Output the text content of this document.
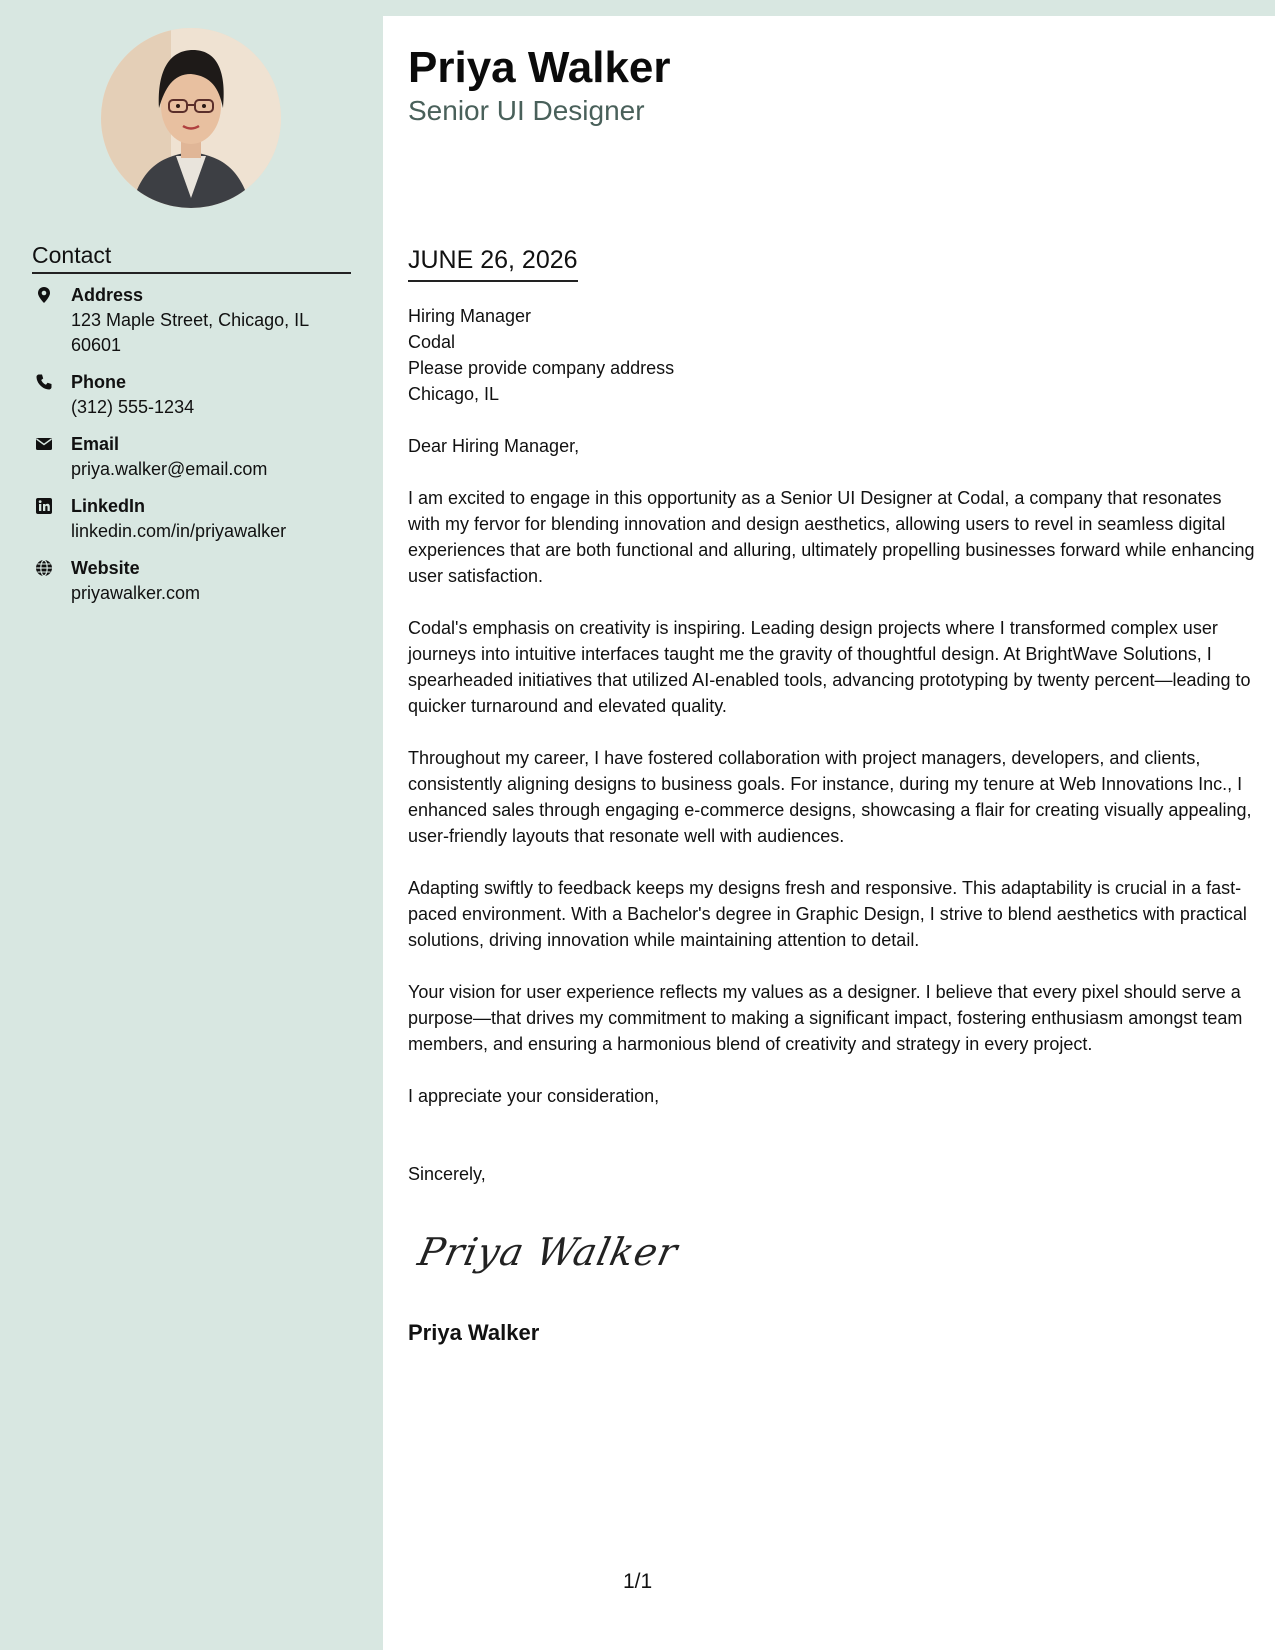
Contact
Address
123 Maple Street, Chicago, IL 60601
Phone
(312) 555-1234
Email
priya.walker@email.com
LinkedIn
linkedin.com/in/priyawalker
Website
priyawalker.com
Priya Walker
Senior UI Designer
JUNE 26, 2026
Hiring Manager
Codal
Please provide company address
Chicago, IL
Dear Hiring Manager,
I am excited to engage in this opportunity as a Senior UI Designer at Codal, a company that resonates with my fervor for blending innovation and design aesthetics, allowing users to revel in seamless digital experiences that are both functional and alluring, ultimately propelling businesses forward while enhancing user satisfaction.
Codal's emphasis on creativity is inspiring. Leading design projects where I transformed complex user journeys into intuitive interfaces taught me the gravity of thoughtful design. At BrightWave Solutions, I spearheaded initiatives that utilized AI-enabled tools, advancing prototyping by twenty percent—leading to quicker turnaround and elevated quality.
Throughout my career, I have fostered collaboration with project managers, developers, and clients, consistently aligning designs to business goals. For instance, during my tenure at Web Innovations Inc., I enhanced sales through engaging e-commerce designs, showcasing a flair for creating visually appealing, user-friendly layouts that resonate well with audiences.
Adapting swiftly to feedback keeps my designs fresh and responsive. This adaptability is crucial in a fast-paced environment. With a Bachelor's degree in Graphic Design, I strive to blend aesthetics with practical solutions, driving innovation while maintaining attention to detail.
Your vision for user experience reflects my values as a designer. I believe that every pixel should serve a purpose—that drives my commitment to making a significant impact, fostering enthusiasm amongst team members, and ensuring a harmonious blend of creativity and strategy in every project.
I appreciate your consideration,
Sincerely,
Priya Walker
Priya Walker
1/1
